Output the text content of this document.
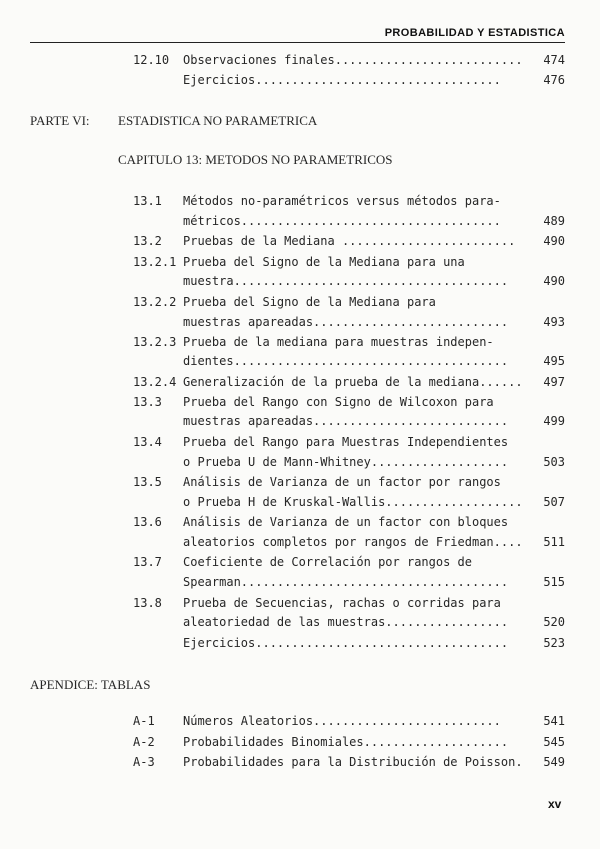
PROBABILIDAD Y ESTADISTICA
12.10 Observaciones finales..........................	474
Ejercicios..................................	476
PARTE VI: ESTADISTICA NO PARAMETRICA
CAPITULO 13: METODOS NO PARAMETRICOS
13.1 Métodos no-paramétricos versus métodos para-
métricos....................................	489
13.2 Pruebas de la Mediana ........................	490
13.2.1 Prueba del Signo de la Mediana para una
muestra......................................	490
13.2.2 Prueba del Signo de la Mediana para
muestras apareadas...........................	493
13.2.3 Prueba de la mediana para muestras indepen-
dientes......................................	495
13.2.4 Generalización de la prueba de la mediana......	497
13.3 Prueba del Rango con Signo de Wilcoxon para
muestras apareadas...........................	499
13.4 Prueba del Rango para Muestras Independientes
o Prueba U de Mann-Whitney...................	503
13.5 Análisis de Varianza de un factor por rangos
o Prueba H de Kruskal-Wallis...................	507
13.6 Análisis de Varianza de un factor con bloques
aleatorios completos por rangos de Friedman....	511
13.7 Coeficiente de Correlación por rangos de
Spearman.....................................	515
13.8 Prueba de Secuencias, rachas o corridas para
aleatoriedad de las muestras.................	520
Ejercicios...................................	523
APENDICE: TABLAS
A-1 Números Aleatorios..........................	541
A-2 Probabilidades Binomiales....................	545
A-3 Probabilidades para la Distribución de Poisson.	549
xv
